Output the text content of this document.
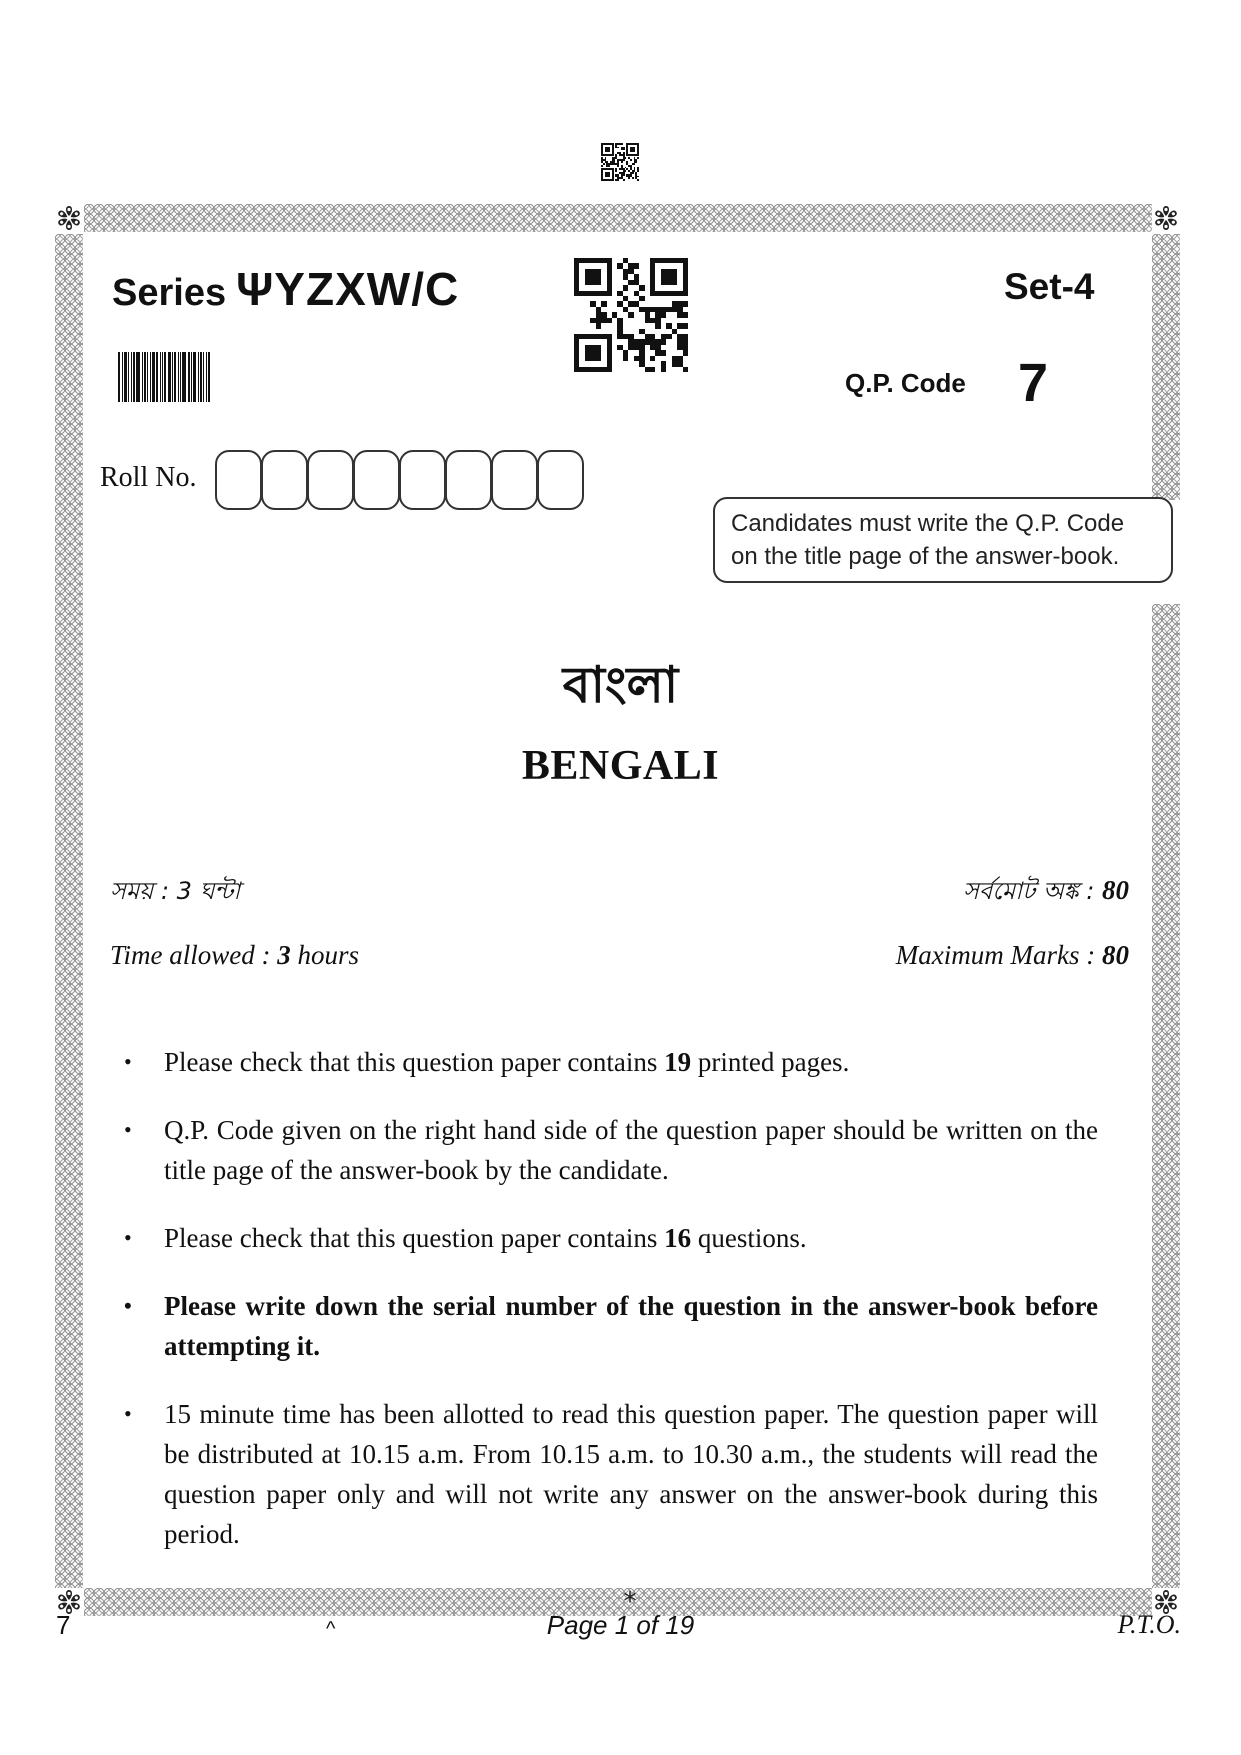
*
Series ΨYZXW/C	Set-4
Q.P. Code 7
Roll No.
Candidates must write the Q.P. Code
on the title page of the answer-book.
বাংলা
BENGALI
সময় : 3 ঘন্টা	সর্বমোট অঙ্ক : 80
Time allowed : 3 hours	Maximum Marks : 80
• Please check that this question paper contains 19 printed pages.
• Q.P. Code given on the right hand side of the question paper should be written on the title page of the answer-book by the candidate.
• Please check that this question paper contains 16 questions.
• Please write down the serial number of the question in the answer-book before attempting it.
• 15 minute time has been allotted to read this question paper. The question paper will be distributed at 10.15 a.m. From 10.15 a.m. to 10.30 a.m., the students will read the question paper only and will not write any answer on the answer-book during this period.
7	^	Page 1 of 19	P.T.O.
